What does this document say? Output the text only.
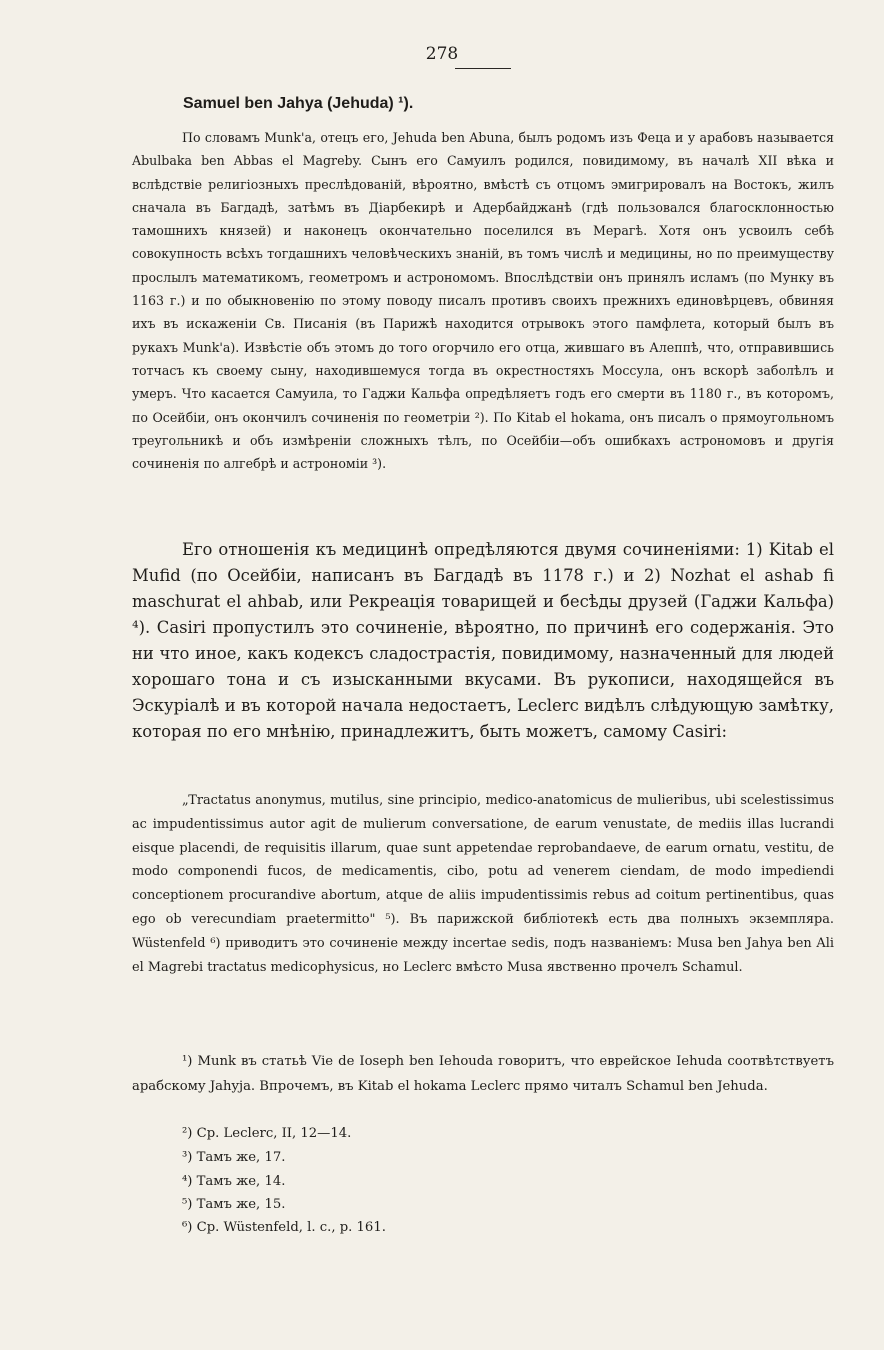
278
Samuel ben Jahya (Jehuda) ¹).

По словамъ Munk'а, отецъ его, Jehuda ben Abuna, былъ родомъ изъ Феца и у арабовъ называется Abulbaka ben Abbas el Magreby. Сынъ его Самуилъ родился, повидимому, въ началѣ XII вѣка и вслѣдствіе религіозныхъ преслѣдованій, вѣроятно, вмѣстѣ съ отцомъ эмигрировалъ на Востокъ, жилъ сначала въ Багдадѣ, затѣмъ въ Діарбекирѣ и Адербайджанѣ (гдѣ пользовался благосклонностью тамошнихъ князей) и наконецъ окончательно поселился въ Мерагѣ. Хотя онъ усвоилъ себѣ совокупность всѣхъ тогдашнихъ человѣческихъ знаній, въ томъ числѣ и медицины, но по преимуществу прослылъ математикомъ, геометромъ и астрономомъ. Впослѣдствіи онъ принялъ исламъ (по Мунку въ 1163 г.) и по обыкновенію по этому поводу писалъ противъ своихъ прежнихъ единовѣрцевъ, обвиняя ихъ въ искаженіи Св. Писанія (въ Парижѣ находится отрывокъ этого памфлета, который былъ въ рукахъ Munk'а). Извѣстіе объ этомъ до того огорчило его отца, жившаго въ Алеппѣ, что, отправившись тотчасъ къ своему сыну, находившемуся тогда въ окрестностяхъ Моссула, онъ вскорѣ заболѣлъ и умеръ. Что касается Самуила, то Гаджи Кальфа опредѣляетъ годъ его смерти въ 1180 г., въ которомъ, по Осейбіи, онъ окончилъ сочиненія по геометріи ²). По Kitab el hokama, онъ писалъ о прямоугольномъ треугольникѣ и объ измѣреніи сложныхъ тѣлъ, по Осейбіи—объ ошибкахъ астрономовъ и другія сочиненія по алгебрѣ и астрономіи ³).

Его отношенія къ медицинѣ опредѣляются двумя сочиненіями: 1) Kitab el Mufid (по Осейбіи, написанъ въ Багдадѣ въ 1178 г.) и 2) Nozhat el ashab fi maschurat el ahbab, или Рекреація товарищей и бесѣды друзей (Гаджи Кальфа) ⁴). Casiri пропустилъ это сочиненіе, вѣроятно, по причинѣ его содержанія. Это ни что иное, какъ кодексъ сладострастія, повидимому, назначенный для людей хорошаго тона и съ изысканными вкусами. Въ рукописи, находящейся въ Эскуріалѣ и въ которой начала недостаетъ, Leclerc видѣлъ слѣдующую замѣтку, которая по его мнѣнію, принадлежитъ, быть можетъ, самому Casiri:

„Tractatus anonymus, mutilus, sine principio, medico-anatomicus de mulieribus, ubi scelestissimus ac impudentissimus autor agit de mulierum conversatione, de earum venustate, de mediis illas lucrandi eisque placendi, de requisitis illarum, quae sunt appetendae reprobandaeve, de earum ornatu, vestitu, de modo componendi fucos, de medicamentis, cibo, potu ad venerem ciendam, de modo impediendi conceptionem procurandive abortum, atque de aliis impudentissimis rebus ad coitum pertinentibus, quas ego ob verecundiam praetermitto" ⁵). Въ парижской библіотекѣ есть два полныхъ экземпляра. Wüstenfeld ⁶) приводитъ это сочиненіе между incertae sedis, подъ названіемъ: Musa ben Jahya ben Ali el Magrebi tractatus medicophysicus, но Leclerc вмѣсто Musa явственно прочелъ Schamul.

¹) Munk въ статьѣ Vie de Ioseph ben Iehouda говоритъ, что еврейское Iehuda соотвѣтствуетъ арабскому Jahyja. Впрочемъ, въ Kitab el hokama Leclerc прямо читалъ Schamul ben Jehuda.

²) Ср. Leclerc, II, 12—14.

³) Тамъ же, 17.

⁴) Тамъ же, 14.

⁵) Тамъ же, 15.

⁶) Ср. Wüstenfeld, l. c., p. 161.
